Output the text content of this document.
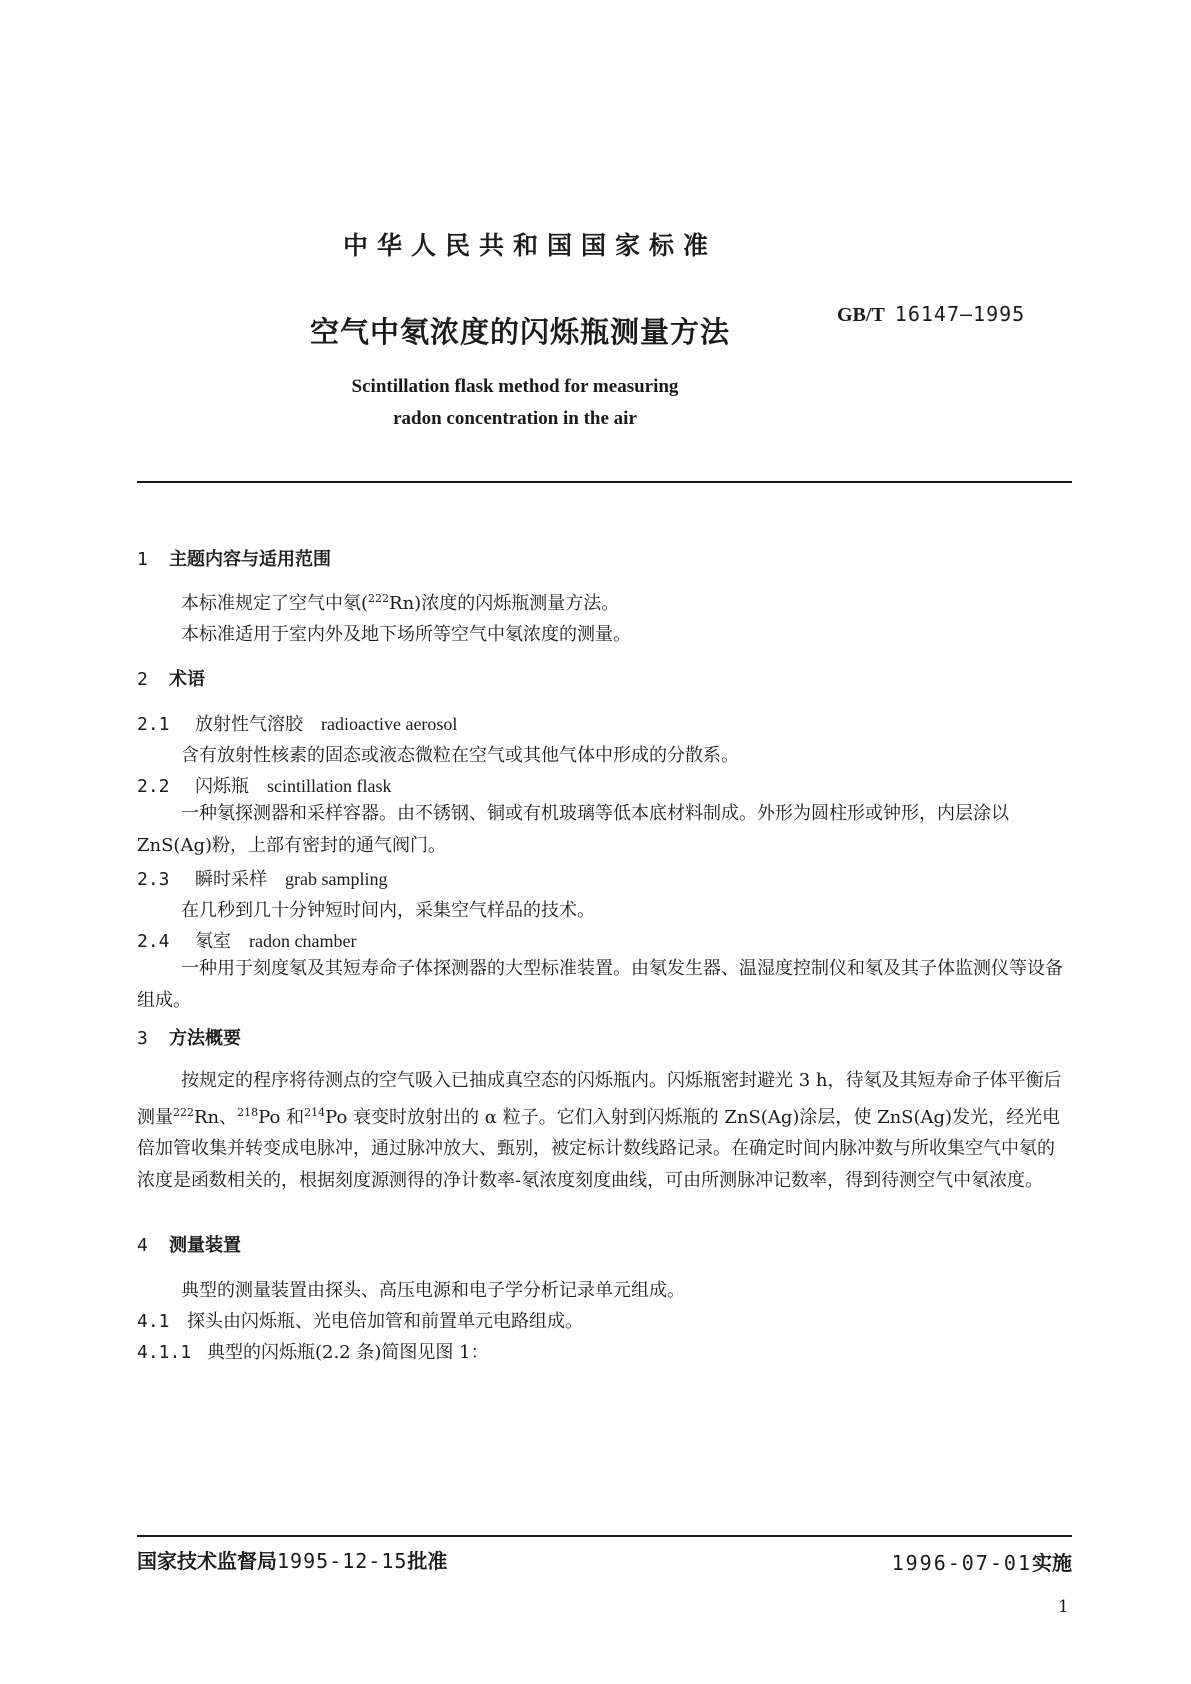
中华人民共和国国家标准
空气中氡浓度的闪烁瓶测量方法	GB/T 16147—1995
Scintillation flask method for measuring
radon concentration in the air
1 主题内容与适用范围
本标准规定了空气中氡($^{222}$Rn)浓度的闪烁瓶测量方法。
本标准适用于室内外及地下场所等空气中氡浓度的测量。
2 术语
2.1 放射性气溶胶 radioactive aerosol
含有放射性核素的固态或液态微粒在空气或其他气体中形成的分散系。
2.2 闪烁瓶 scintillation flask
一种氡探测器和采样容器。由不锈钢、铜或有机玻璃等低本底材料制成。外形为圆柱形或钟形，内层涂以 ZnS(Ag)粉，上部有密封的通气阀门。
2.3 瞬时采样 grab sampling
在几秒到几十分钟短时间内，采集空气样品的技术。
2.4 氡室 radon chamber
一种用于刻度氡及其短寿命子体探测器的大型标准装置。由氡发生器、温湿度控制仪和氡及其子体监测仪等设备组成。
3 方法概要
按规定的程序将待测点的空气吸入已抽成真空态的闪烁瓶内。闪烁瓶密封避光 3 h，待氡及其短寿命子体平衡后测量$^{222}$Rn、$^{218}$Po 和$^{214}$Po 衰变时放射出的 α 粒子。它们入射到闪烁瓶的 ZnS(Ag)涂层，使 ZnS(Ag)发光，经光电倍加管收集并转变成电脉冲，通过脉冲放大、甄别，被定标计数线路记录。在确定时间内脉冲数与所收集空气中氡的浓度是函数相关的，根据刻度源测得的净计数率-氡浓度刻度曲线，可由所测脉冲记数率，得到待测空气中氡浓度。
4 测量装置
典型的测量装置由探头、高压电源和电子学分析记录单元组成。
4.1 探头由闪烁瓶、光电倍加管和前置单元电路组成。
4.1.1 典型的闪烁瓶(2.2 条)简图见图 1：
国家技术监督局1995-12-15批准	1996-07-01实施
1
